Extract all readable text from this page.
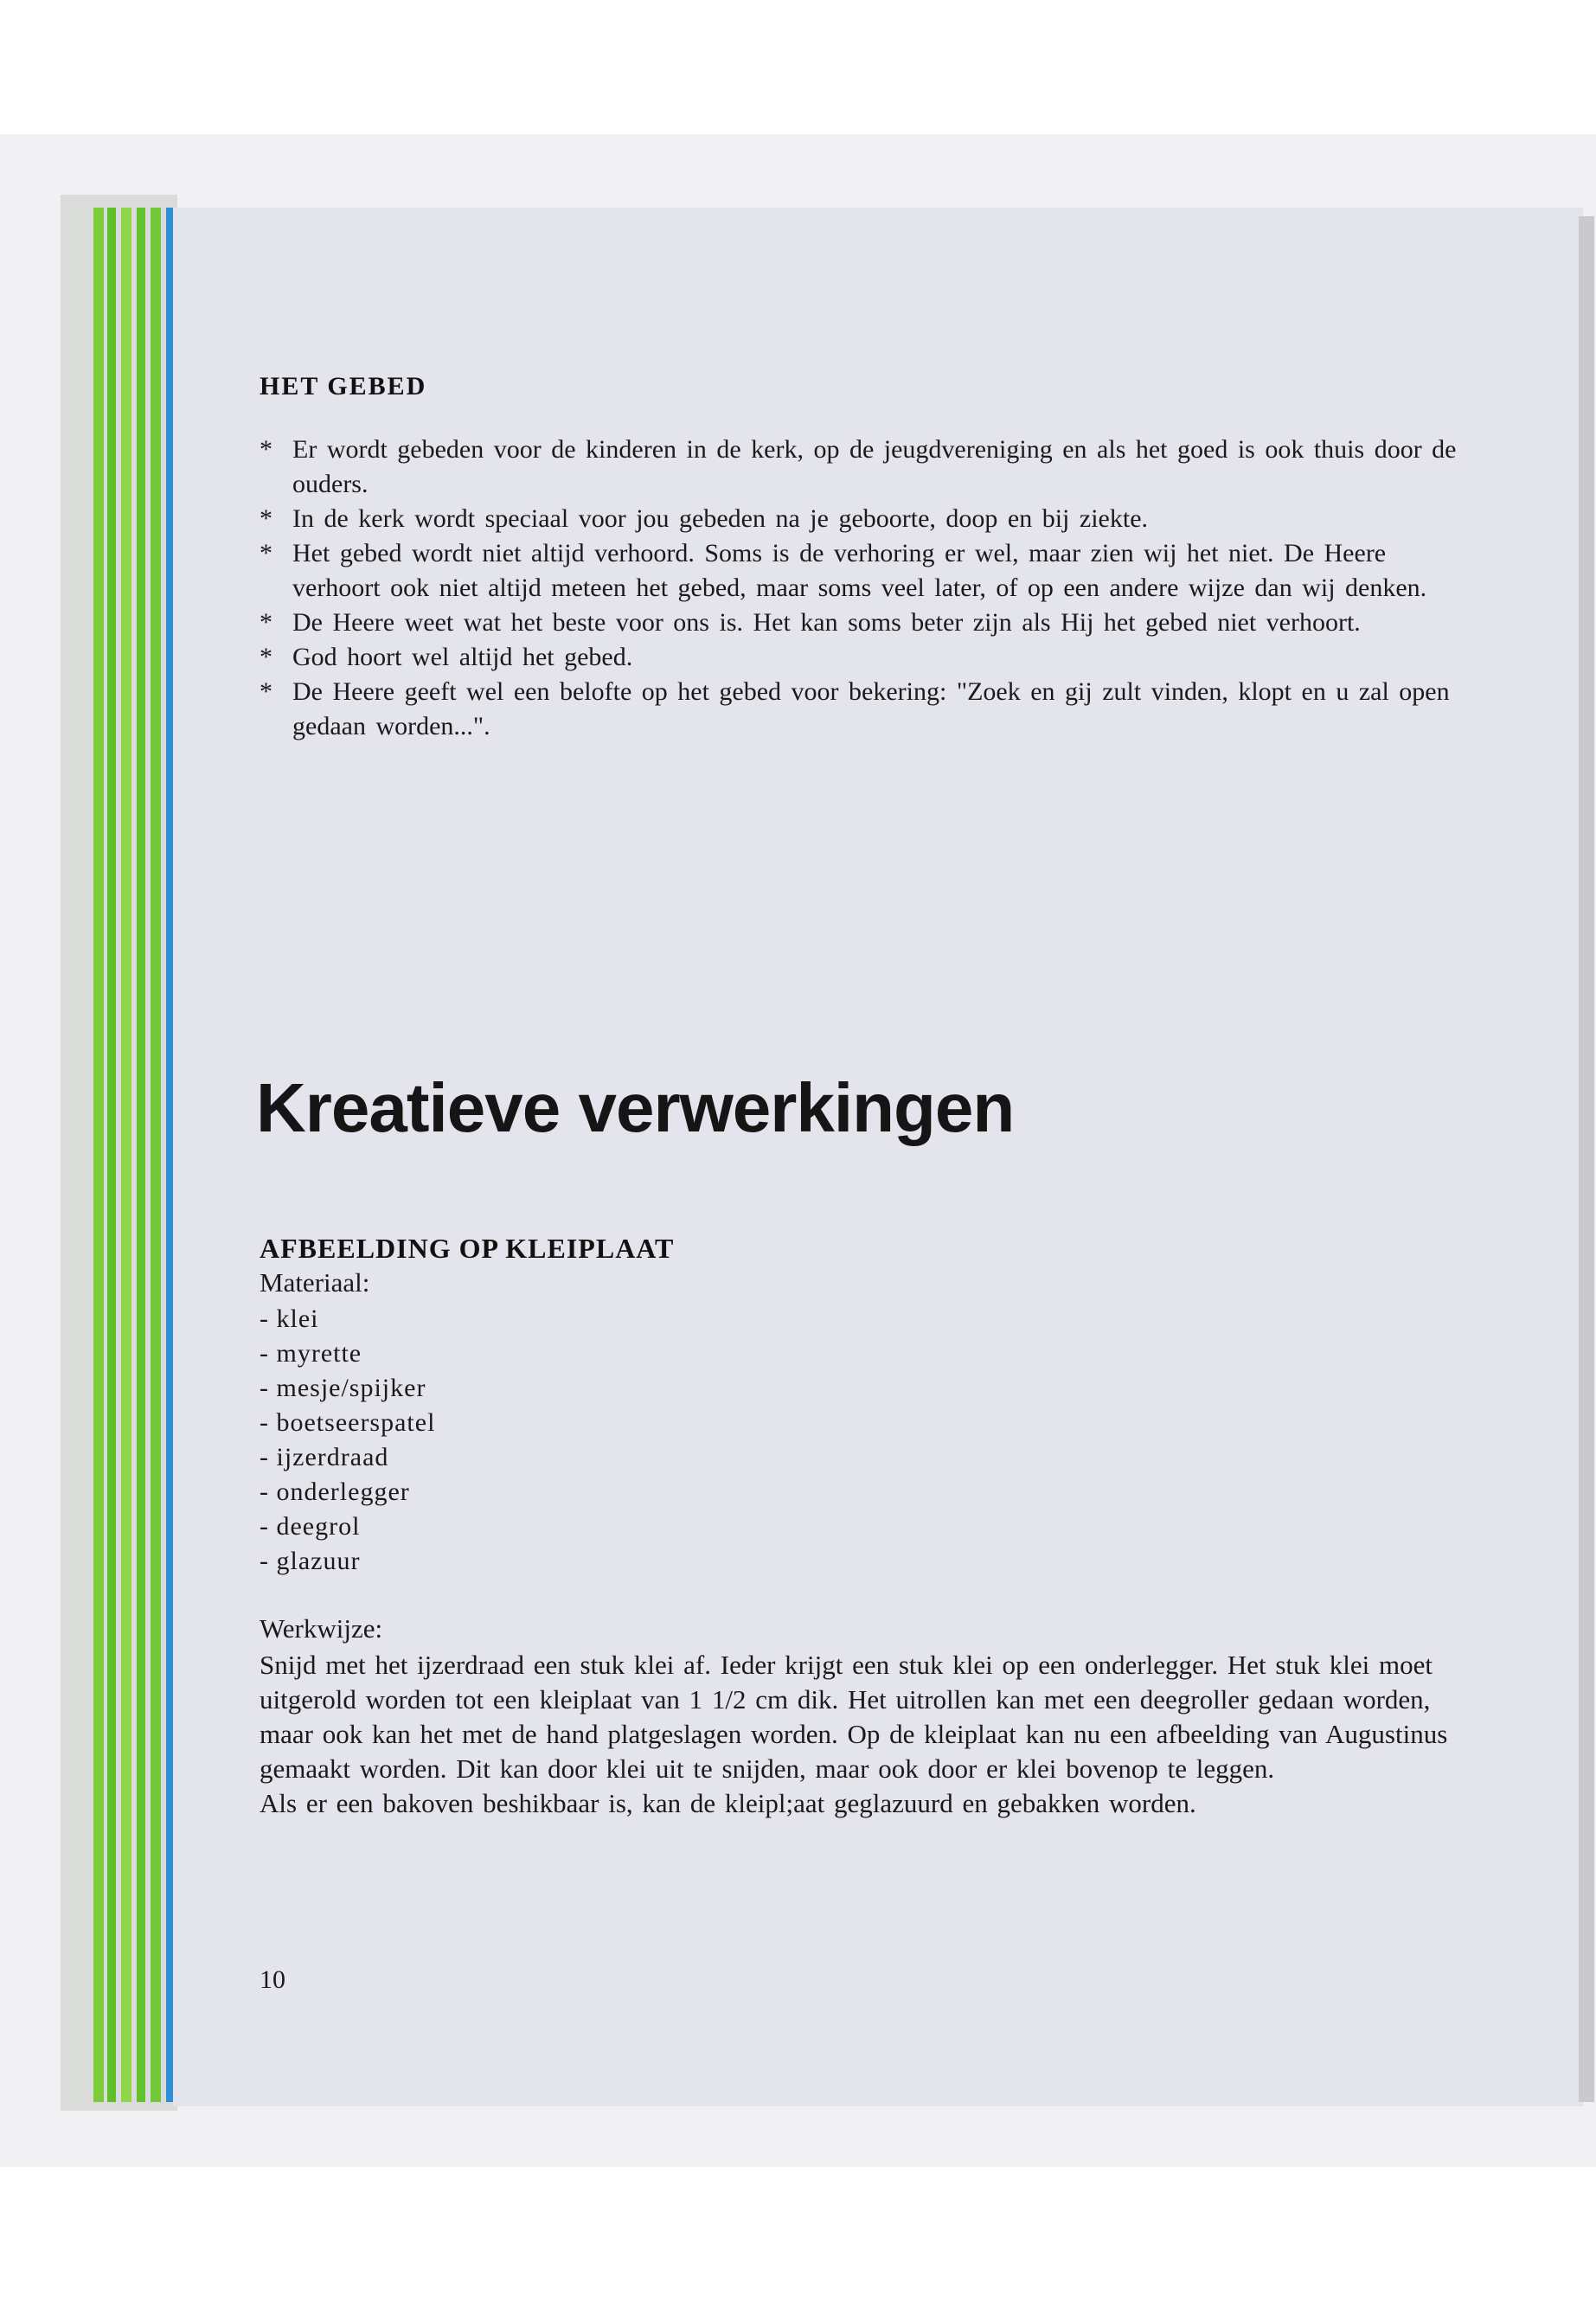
HET GEBED
* Er wordt gebeden voor de kinderen in de kerk, op de jeugdvereniging en als het goed is ook thuis door de ouders.
* In de kerk wordt speciaal voor jou gebeden na je geboorte, doop en bij ziekte.
* Het gebed wordt niet altijd verhoord. Soms is de verhoring er wel, maar zien wij het niet. De Heere verhoort ook niet altijd meteen het gebed, maar soms veel later, of op een andere wijze dan wij denken.
* De Heere weet wat het beste voor ons is. Het kan soms beter zijn als Hij het gebed niet verhoort.
* God hoort wel altijd het gebed.
* De Heere geeft wel een belofte op het gebed voor bekering: "Zoek en gij zult vinden, klopt en u zal open gedaan worden...".
Kreatieve verwerkingen
AFBEELDING OP KLEIPLAAT
Materiaal:
- klei
- myrette
- mesje/spijker
- boetseerspatel
- ijzerdraad
- onderlegger
- deegrol
- glazuur
Werkwijze:

Snijd met het ijzerdraad een stuk klei af. Ieder krijgt een stuk klei op een onderlegger. Het stuk klei moet uitgerold worden tot een kleiplaat van 1 1/2 cm dik. Het uitrollen kan met een deegroller gedaan worden, maar ook kan het met de hand platgeslagen worden. Op de kleiplaat kan nu een afbeelding van Augustinus gemaakt worden. Dit kan door klei uit te snijden, maar ook door er klei bovenop te leggen.

Als er een bakoven beshikbaar is, kan de kleipl;aat geglazuurd en gebakken worden.

10
